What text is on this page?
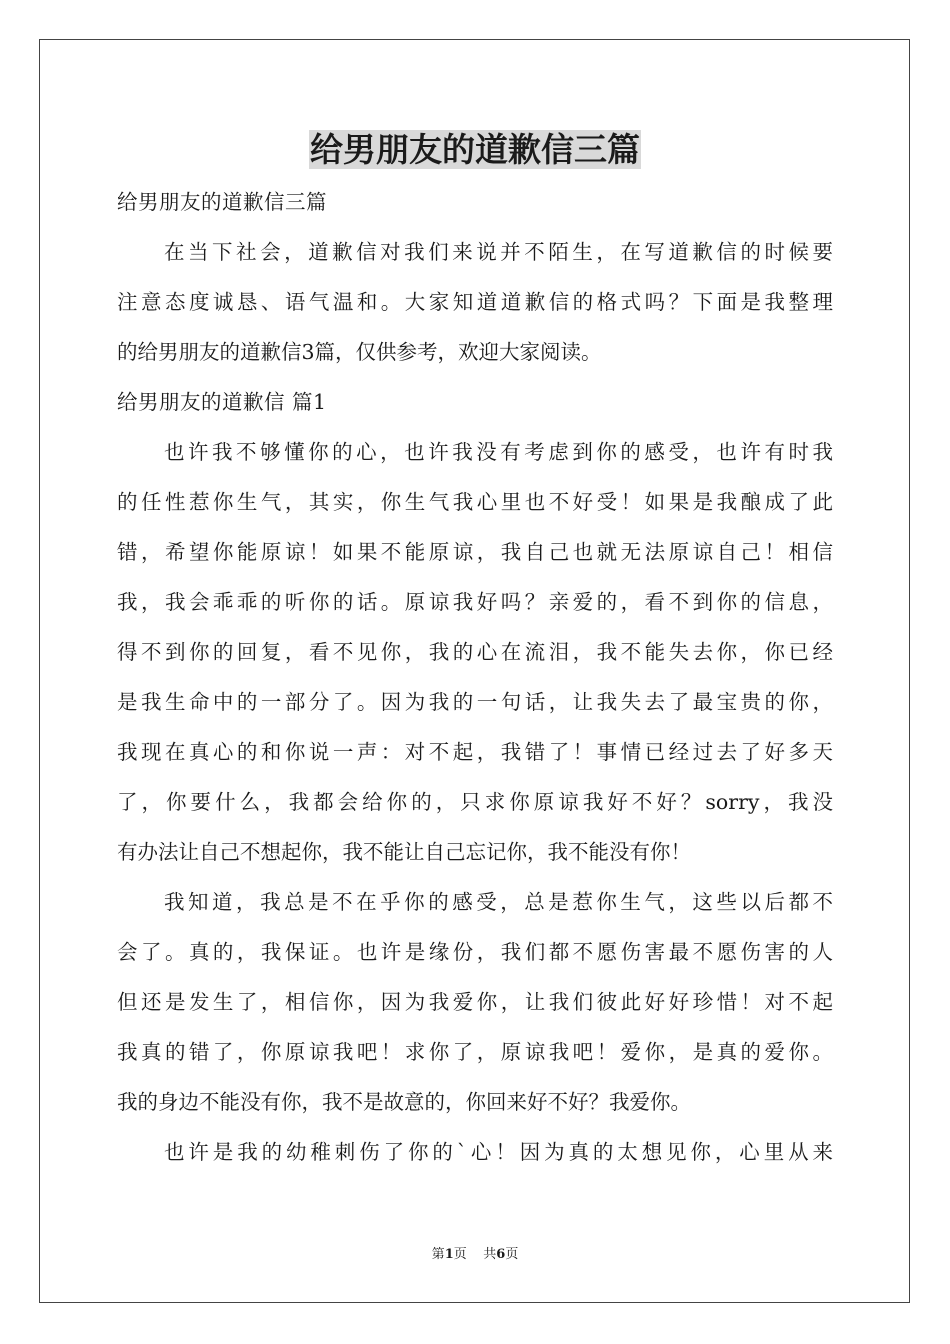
给男朋友的道歉信三篇

给男朋友的道歉信三篇

在当下社会，道歉信对我们来说并不陌生，在写道歉信的时候要

注意态度诚恳、语气温和。大家知道道歉信的格式吗？下面是我整理

的给男朋友的道歉信3篇，仅供参考，欢迎大家阅读。

给男朋友的道歉信 篇1

也许我不够懂你的心，也许我没有考虑到你的感受，也许有时我

的任性惹你生气，其实，你生气我心里也不好受！如果是我酿成了此

错，希望你能原谅！如果不能原谅，我自己也就无法原谅自己！相信

我，我会乖乖的听你的话。原谅我好吗？亲爱的，看不到你的信息，

得不到你的回复，看不见你，我的心在流泪，我不能失去你，你已经

是我生命中的一部分了。因为我的一句话，让我失去了最宝贵的你，

我现在真心的和你说一声：对不起，我错了！事情已经过去了好多天

了，你要什么，我都会给你的，只求你原谅我好不好？sorry，我没

有办法让自己不想起你，我不能让自己忘记你，我不能没有你！

我知道，我总是不在乎你的感受，总是惹你生气，这些以后都不

会了。真的，我保证。也许是缘份，我们都不愿伤害最不愿伤害的人

但还是发生了，相信你，因为我爱你，让我们彼此好好珍惜！对不起

我真的错了，你原谅我吧！求你了，原谅我吧！爱你，是真的爱你。

我的身边不能没有你，我不是故意的，你回来好不好？我爱你。

也许是我的幼稚刺伤了你的`心！因为真的太想见你，心里从来

第1页    共6页
